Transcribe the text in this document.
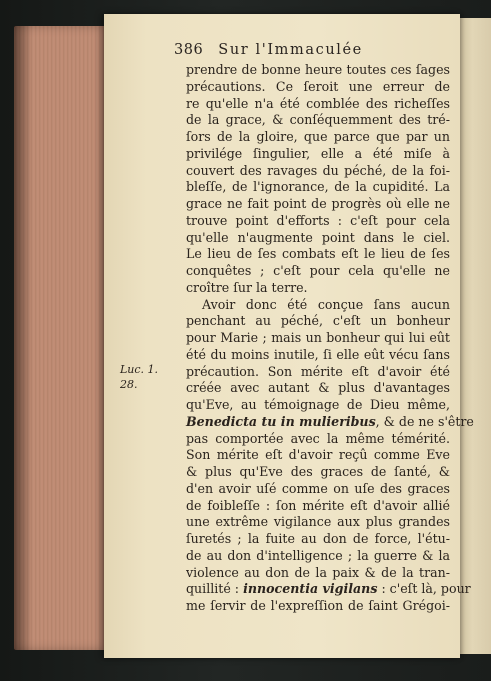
386 Sur l'Immaculée
Luc. 1.
28.
prendre de bonne heure toutes ces ſages
précautions. Ce ſeroit une erreur de
re qu'elle n'a été comblée des richeſſes
de la grace, & conſéquemment des tré-
ſors de la gloire, que parce que par un
privilége ſingulier, elle a été miſe à
couvert des ravages du péché, de la foi-
bleſſe, de l'ignorance, de la cupidité. La
grace ne fait point de progrès où elle ne
trouve point d'efforts : c'eſt pour cela
qu'elle n'augmente point dans le ciel.
Le lieu de ſes combats eſt le lieu de ſes
conquêtes ; c'eſt pour cela qu'elle ne
croître ſur la terre.
Avoir donc été conçue ſans aucun
penchant au péché, c'eſt un bonheur
pour Marie ; mais un bonheur qui lui eût
été du moins inutile, ſi elle eût vécu ſans
précaution. Son mérite eſt d'avoir été
créée avec autant & plus d'avantages
qu'Eve, au témoignage de Dieu même,
Benedicta tu in mulieribus, & de ne s'être
pas comportée avec la même témérité.
Son mérite eſt d'avoir reçû comme Eve
& plus qu'Eve des graces de ſanté, &
d'en avoir uſé comme on uſe des graces
de foibleſſe : ſon mérite eſt d'avoir allié
une extrême vigilance aux plus grandes
ſuretés ; la fuite au don de force, l'étu-
de au don d'intelligence ; la guerre & la
violence au don de la paix & de la tran-
quillité : innocentia vigilans : c'eſt là, pour
me ſervir de l'expreſſion de ſaint Grégoi-
